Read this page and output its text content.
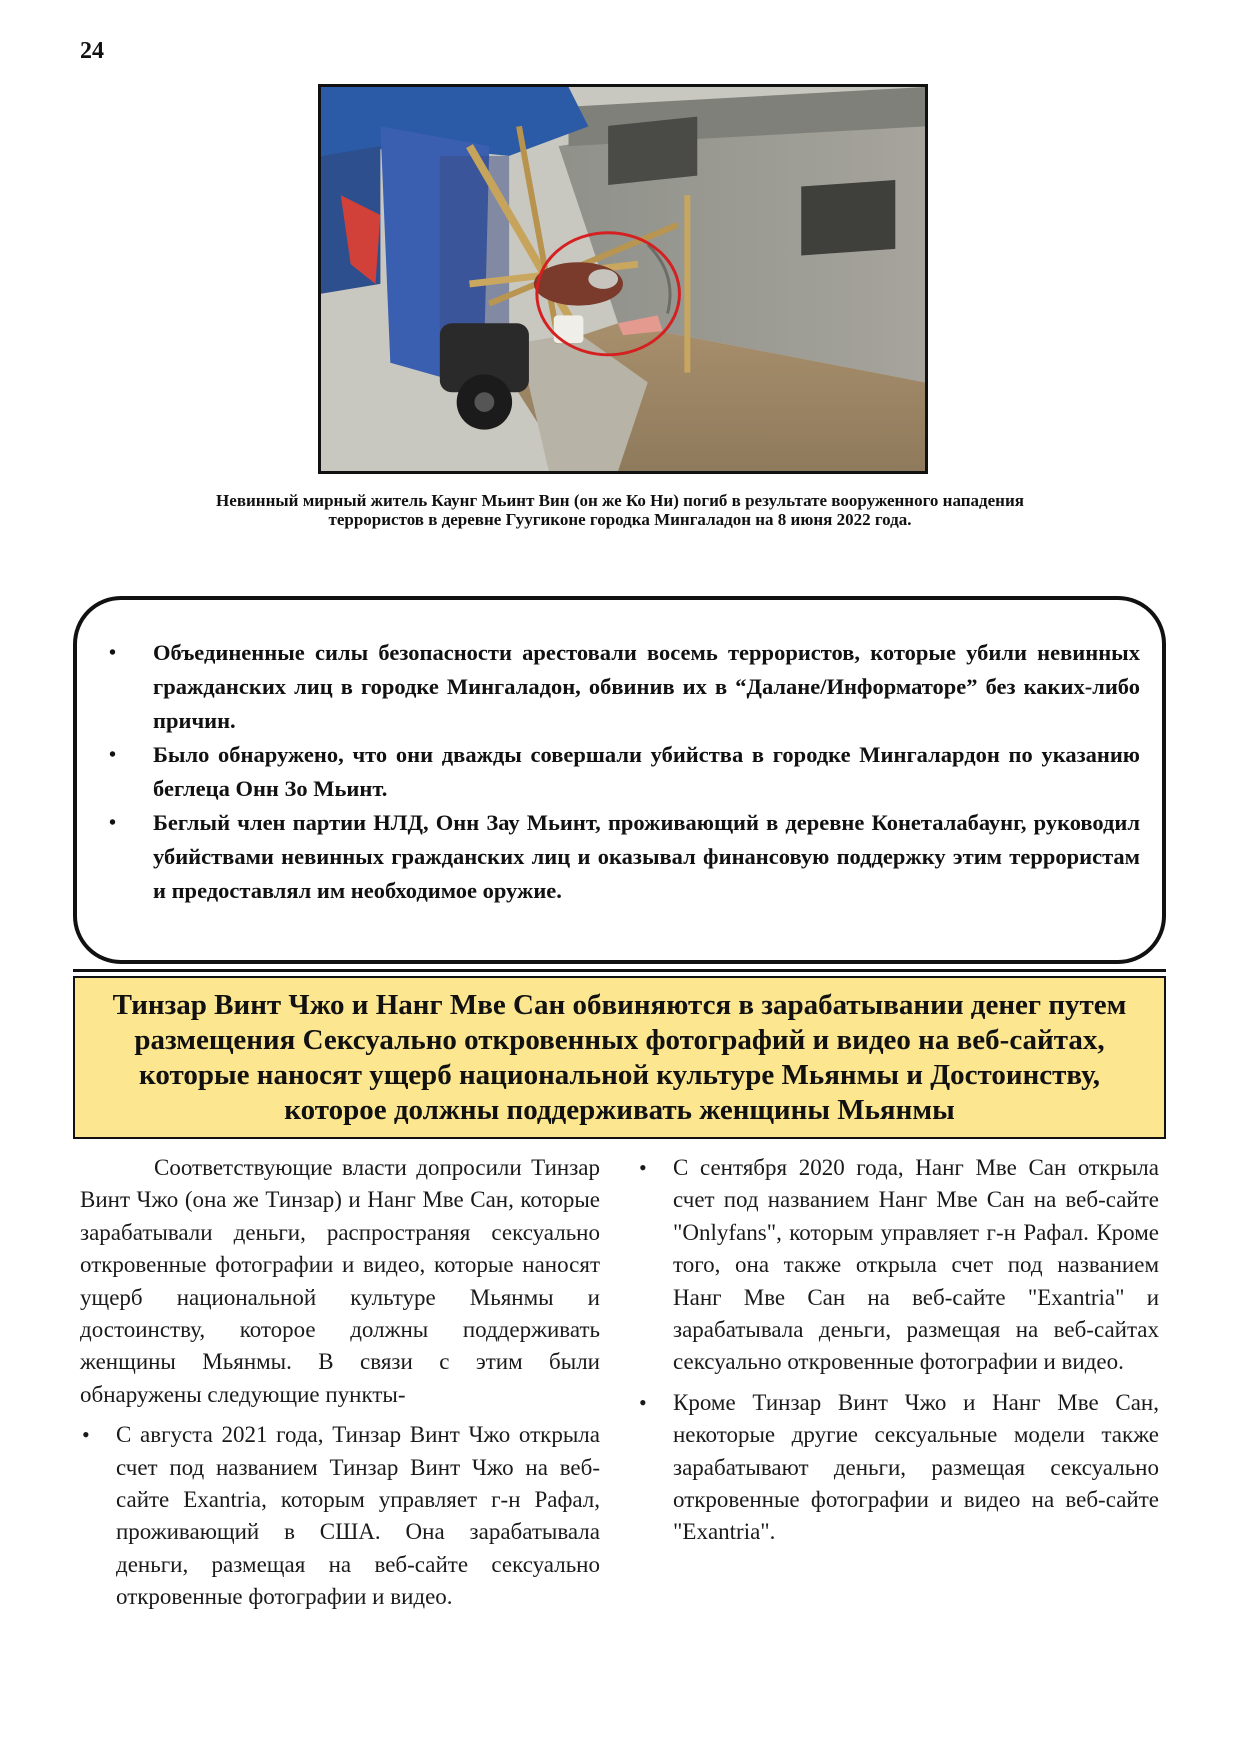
24
Невинный мирный житель Каунг Мьинт Вин (он же Ко Ни) погиб в результате вооруженного нападения террористов в деревне Гуугиконе городка Мингаладон на 8 июня 2022 года.
• Объединенные силы безопасности арестовали восемь террористов, которые убили невинных гражданских лиц в городке Мингаладон, обвинив их в “Далане/Информаторе” без каких-либо причин.
• Было обнаружено, что они дважды совершали убийства в городке Мингалардон по указанию беглеца Онн Зо Мьинт.
• Беглый член партии НЛД, Онн Зау Мьинт, проживающий в деревне Конеталабаунг, руководил убийствами невинных гражданских лиц и оказывал финансовую поддержку этим террористам и предоставлял им необходимое оружие.
Тинзар Винт Чжо и Нанг Мве Сан обвиняются в зарабатывании денег путем размещения Сексуально откровенных фотографий и видео на веб-сайтах, которые наносят ущерб национальной культуре Мьянмы и Достоинству, которое должны поддерживать женщины Мьянмы

Соответствующие власти допросили Тинзар Винт Чжо (она же Тинзар) и Нанг Мве Сан, которые зарабатывали деньги, распространяя сексуально откровенные фотографии и видео, которые наносят ущерб национальной культуре Мьянмы и достоинству, которое должны поддерживать женщины Мьянмы. В связи с этим были обнаружены следующие пункты-

• С августа 2021 года, Тинзар Винт Чжо открыла счет под названием Тинзар Винт Чжо на веб-сайте Exantria, которым управляет г-н Рафал, проживающий в США. Она зарабатывала деньги, размещая на веб-сайте сексуально откровенные фотографии и видео.
• С сентября 2020 года, Нанг Мве Сан открыла счет под названием Нанг Мве Сан на веб-сайте "Onlyfans", которым управляет г-н Рафал. Кроме того, она также открыла счет под названием Нанг Мве Сан на веб-сайте "Exantria" и зарабатывала деньги, размещая на веб-сайтах сексуально откровенные фотографии и видео.
• Кроме Тинзар Винт Чжо и Нанг Мве Сан, некоторые другие сексуальные модели также зарабатывают деньги, размещая сексуально откровенные фотографии и видео на веб-сайте "Exantria".
